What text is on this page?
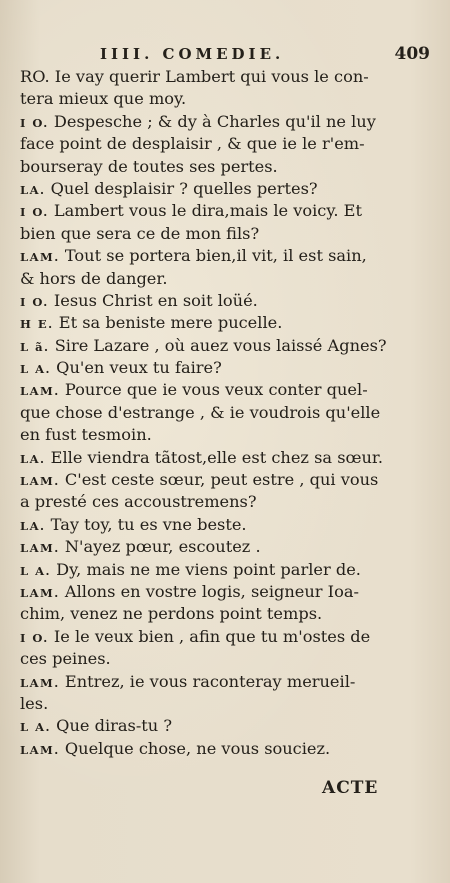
IIII. COMEDIE.	409
RO. Ie vay querir Lambert qui vous le con-
tera mieux que moy.
I O. Despesche ; & dy à Charles qu'il ne luy
face point de desplaisir , & que ie le r'em-
bourseray de toutes ses pertes.
LA. Quel desplaisir ? quelles pertes?
I O. Lambert vous le dira,mais le voicy. Et
bien que sera ce de mon fils?
LAM. Tout se portera bien,il vit, il est sain,
& hors de danger.
I O. Iesus Christ en soit loüé.
H E. Et sa beniste mere pucelle.
L ã. Sire Lazare , où auez vous laissé Agnes?
L A. Qu'en veux tu faire?
LAM. Pource que ie vous veux conter quel-
que chose d'estrange , & ie voudrois qu'elle
en fust tesmoin.
LA. Elle viendra tãtost,elle est chez sa sœur.
LAM. C'est ceste sœur, peut estre , qui vous
a presté ces accoustremens?
LA. Tay toy, tu es vne beste.
LAM. N'ayez pœur, escoutez .
L A. Dy, mais ne me viens point parler de.
LAM. Allons en vostre logis, seigneur Ioa-
chim, venez ne perdons point temps.
I O. Ie le veux bien , afin que tu m'ostes de
ces peines.
LAM. Entrez, ie vous raconteray merueil-
les.
L A. Que diras-tu ?
LAM. Quelque chose, ne vous souciez.
ACTE
